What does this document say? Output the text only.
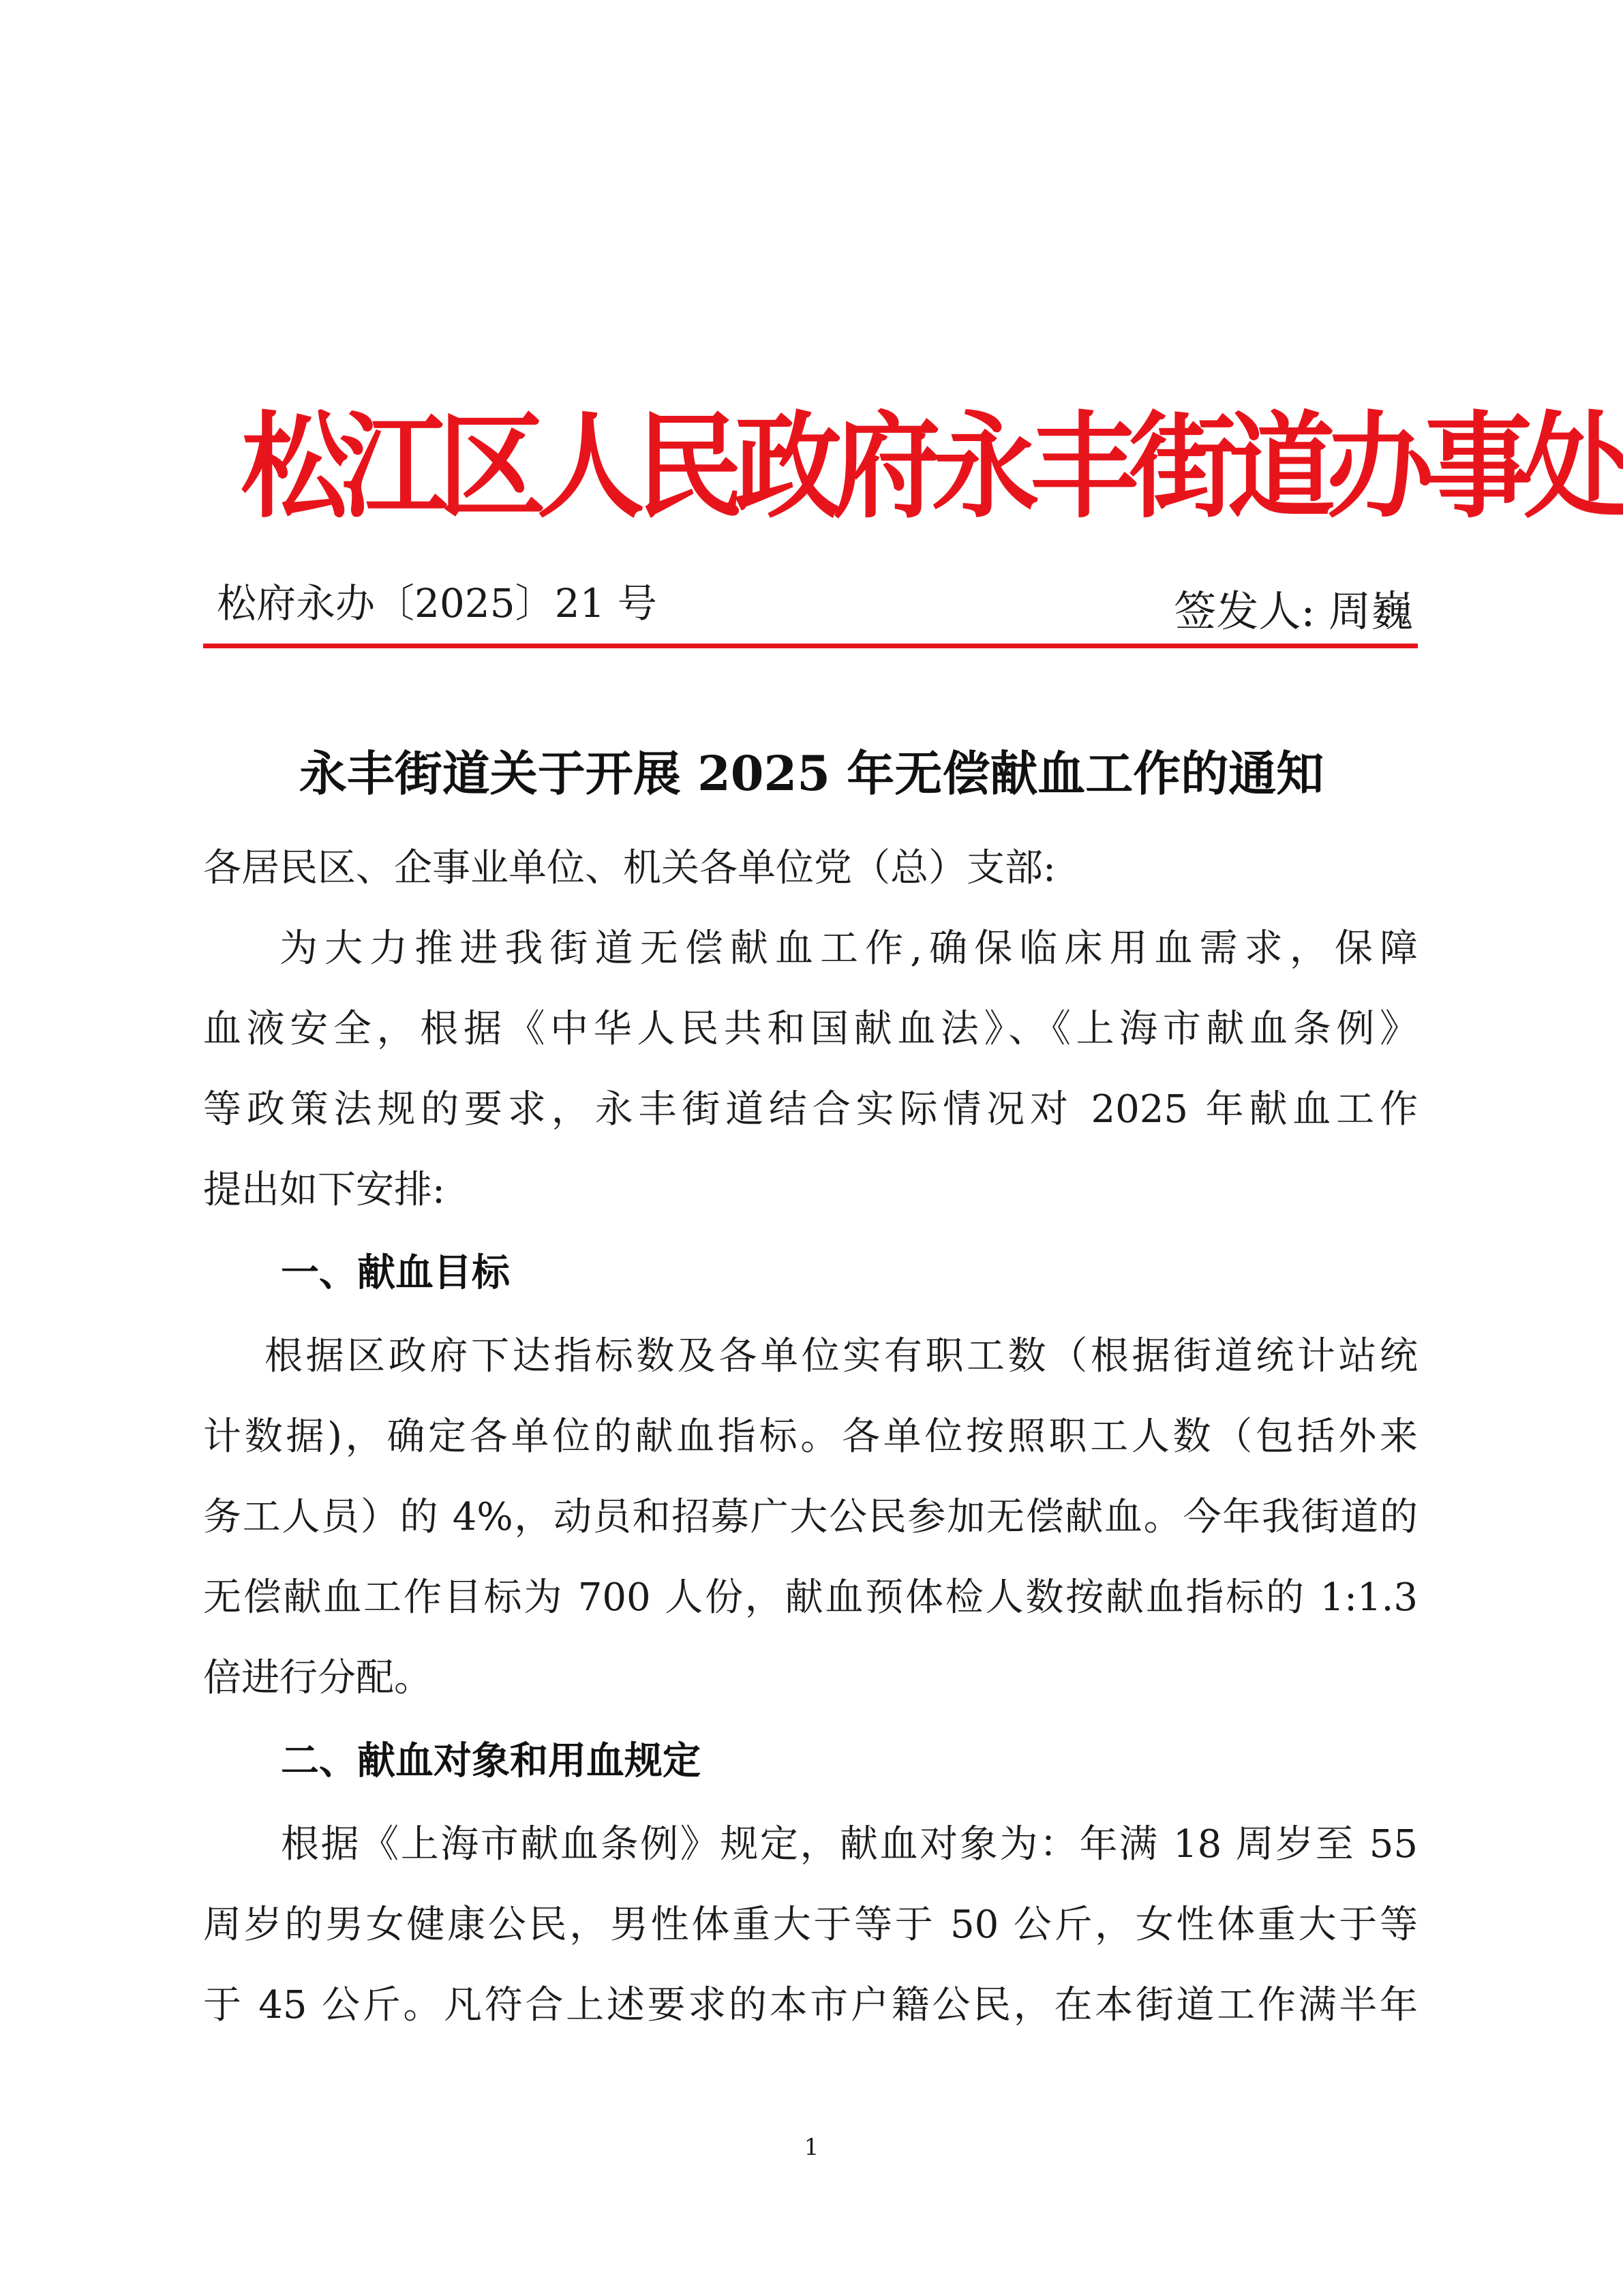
松江区人民政府永丰街道办事处
松府永办〔2025〕21 号	签发人: 周巍
永丰街道关于开展 2025 年无偿献血工作的通知
各居民区、企事业单位、机关各单位党（总）支部:
为大力推进我街道无偿献血工作,确保临床用血需求，保障
血液安全，根据《中华人民共和国献血法》、《上海市献血条例》
等政策法规的要求，永丰街道结合实际情况对 2025 年献血工作
提出如下安排:
一、献血目标
根据区政府下达指标数及各单位实有职工数（根据街道统计站统
计数据)，确定各单位的献血指标。各单位按照职工人数（包括外来
务工人员）的 4%，动员和招募广大公民参加无偿献血。今年我街道的
无偿献血工作目标为 700 人份，献血预体检人数按献血指标的 1:1.3
倍进行分配。
二、献血对象和用血规定
根据《上海市献血条例》规定，献血对象为：年满 18 周岁至 55
周岁的男女健康公民，男性体重大于等于 50 公斤，女性体重大于等
于 45 公斤。凡符合上述要求的本市户籍公民，在本街道工作满半年
1
